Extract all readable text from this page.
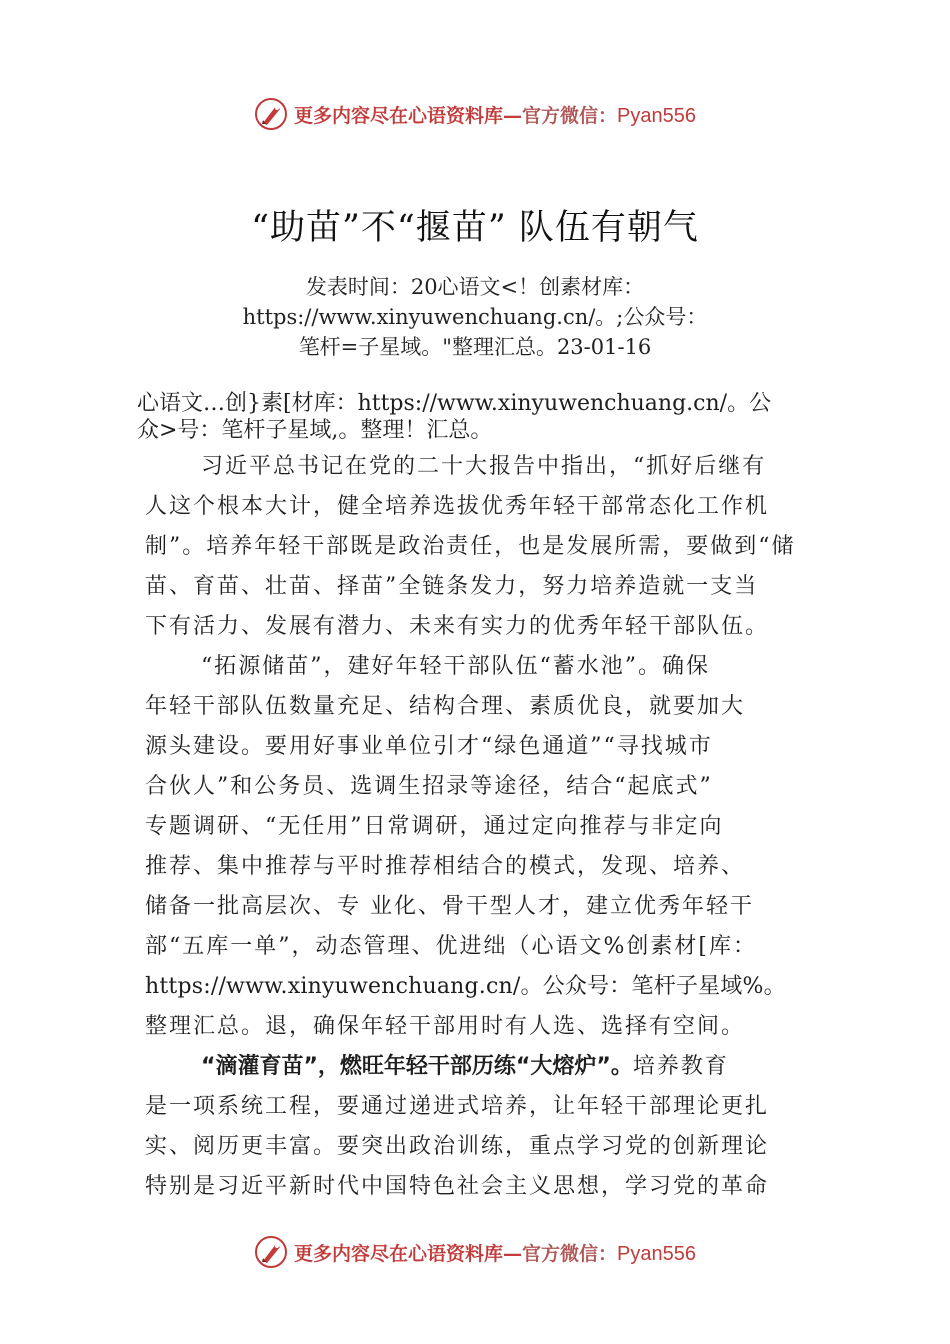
更多内容尽在心语资料库—官方微信：Pyan556
“助苗”不“揠苗” 队伍有朝气
发表时间：20心语文<！创素材库：
https://www.xinyuwenchuang.cn/。;公众号：
笔杆=子星域。"整理汇总。23-01-16
心语文…创}素[材库：https://www.xinyuwenchuang.cn/。公
众>号：笔杆子星域,。整理！汇总。
习近平总书记在党的二十大报告中指出，“抓好后继有
人这个根本大计，健全培养选拔优秀年轻干部常态化工作机
制”。培养年轻干部既是政治责任，也是发展所需，要做到“储
苗、育苗、壮苗、择苗”全链条发力，努力培养造就一支当
下有活力、发展有潜力、未来有实力的优秀年轻干部队伍。
“拓源储苗”，建好年轻干部队伍“蓄水池”。确保
年轻干部队伍数量充足、结构合理、素质优良，就要加大
源头建设。要用好事业单位引才“绿色通道”“寻找城市
合伙人”和公务员、选调生招录等途径，结合“起底式”
专题调研、“无任用”日常调研，通过定向推荐与非定向
推荐、集中推荐与平时推荐相结合的模式，发现、培养、
储备一批高层次、专 业化、骨干型人才，建立优秀年轻干
部“五库一单”，动态管理、优进绌（心语文%创素材[库：
https://www.xinyuwenchuang.cn/。公众号：笔杆子星域%。
整理汇总。退，确保年轻干部用时有人选、选择有空间。
“滴灌育苗”，燃旺年轻干部历练“大熔炉”。培养教育
是一项系统工程，要通过递进式培养，让年轻干部理论更扎
实、阅历更丰富。要突出政治训练，重点学习党的创新理论
特别是习近平新时代中国特色社会主义思想，学习党的革命
更多内容尽在心语资料库—官方微信：Pyan556
